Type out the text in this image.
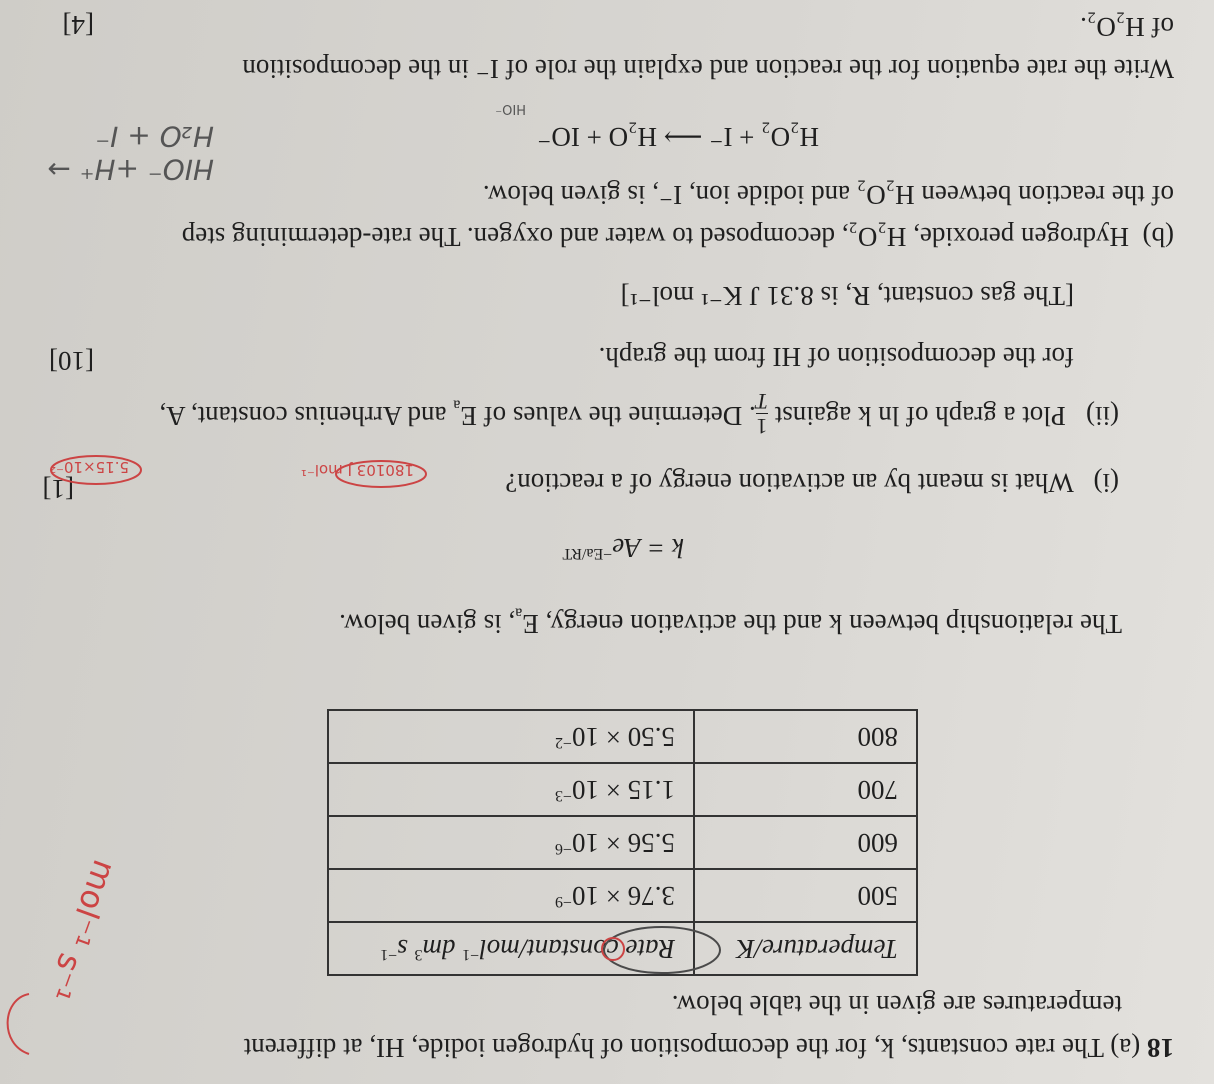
18 (a) The rate constants, k, for the decomposition of hydrogen iodide, HI, at different
temperatures are given in the table below.
Temperature/K	Rate constant/mol$^{-1}$ $dm^3$ $s^{-1}$
500	$3.76 \times 10^{-9}$
600	$5.56 \times 10^{-6}$
700	$1.15 \times 10^{-3}$
800	$5.50 \times 10^{-2}$
The relationship between k and the activation energy, $E_a$, is given below.
$k = Ae^{-Ea/RT}$
(i)   What is meant by an activation energy of a reaction?
[1]
(ii)   Plot a graph of ln k against
1
T
. Determine the values of $E_a$ and Arrhenius constant, A,
for the decomposition of HI from the graph.
[10]
[The gas constant, R, is 8.31 J K⁻¹ mol⁻¹]
(b)  Hydrogen peroxide, H₂O₂, decomposed to water and oxygen. The rate-determining step
of the reaction between H₂O₂ and iodide ion, I⁻, is given below.
H₂O₂ + I⁻ ⟶ H₂O + IO⁻
Write the rate equation for the reaction and explain the role of I⁻ in the decomposition
of H₂O₂.
[4]
HIO⁻ +H⁺ → H₂O + I⁻
HIO⁻
180103 J mol⁻¹
5.15×10⁻²
mol⁻¹ s⁻¹
